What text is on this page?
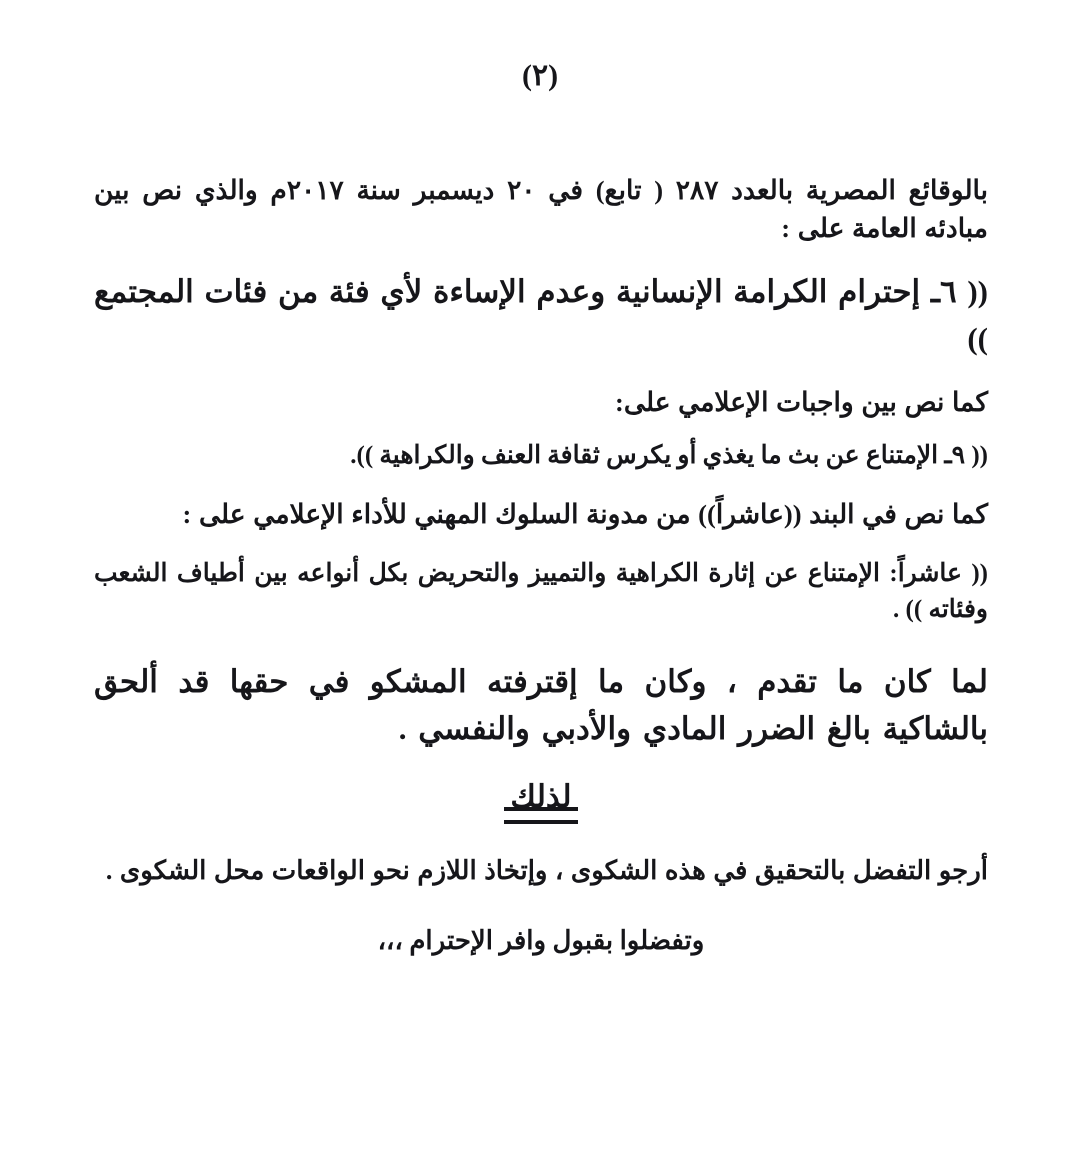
(٢)

بالوقائع المصرية بالعدد ٢٨٧ ( تابع) في ٢٠ ديسمبر سنة ٢٠١٧م والذي نص بين مبادئه العامة على :

(( ٦ـ إحترام الكرامة الإنسانية وعدم الإساءة لأي فئة من فئات المجتمع ))

كما نص بين واجبات الإعلامي على:

(( ٩ـ الإمتناع عن بث ما يغذي أو يكرس ثقافة العنف والكراهية )).

كما نص في البند ((عاشراً)) من مدونة السلوك المهني للأداء الإعلامي على :

(( عاشراً: الإمتناع عن إثارة الكراهية والتمييز والتحريض بكل أنواعه بين أطياف الشعب وفئاته )) .

لما كان ما تقدم ، وكان ما إقترفته المشكو في حقها قد ألحق بالشاكية بالغ الضرر المادي والأدبي والنفسي .

لذلك

أرجو التفضل بالتحقيق في هذه الشكوى ، وإتخاذ اللازم نحو الواقعات محل الشكوى .

وتفضلوا بقبول وافر الإحترام ،،،
